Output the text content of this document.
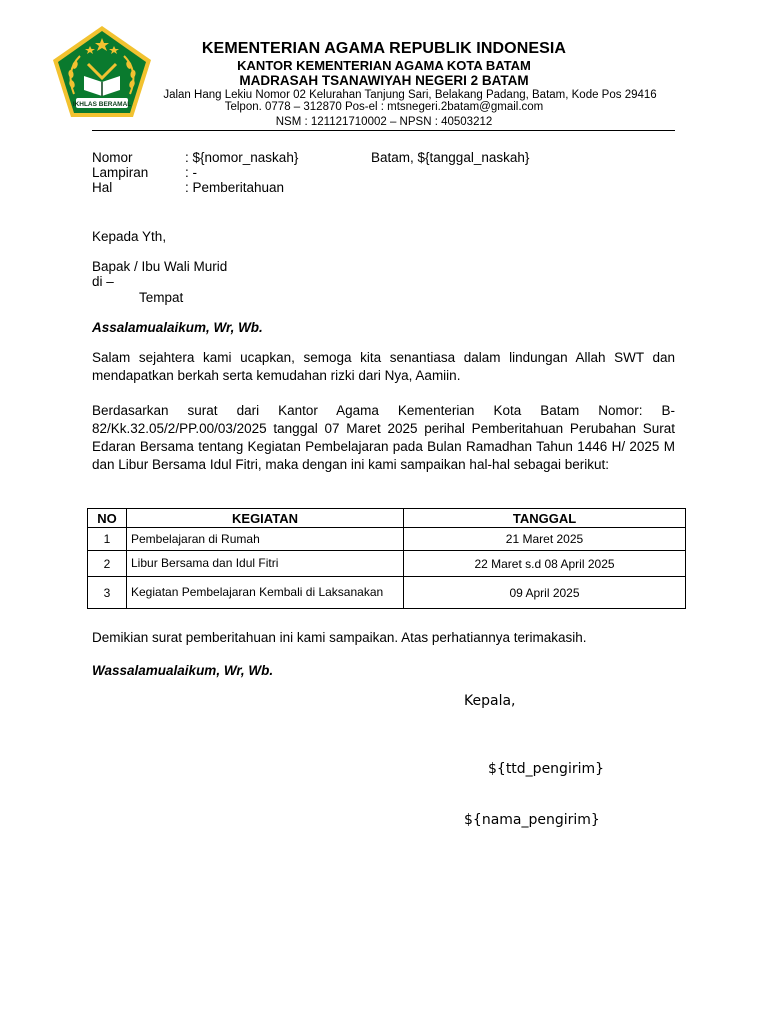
IKHLAS BERAMAL
KEMENTERIAN AGAMA REPUBLIK INDONESIA
KANTOR KEMENTERIAN AGAMA KOTA BATAM
MADRASAH TSANAWIYAH NEGERI 2 BATAM
Jalan Hang Lekiu Nomor 02 Kelurahan Tanjung Sari, Belakang Padang, Batam, Kode Pos 29416
Telpon. 0778 – 312870 Pos-el : mtsnegeri.2batam@gmail.com
NSM : 121121710002 – NPSN : 40503212
Nomor	: ${nomor_naskah}	Batam, ${tanggal_naskah}
Lampiran	: -
Hal	: Pemberitahuan
Kepada Yth,
Bapak / Ibu Wali Murid
di –
Tempat
Assalamualaikum, Wr, Wb.
Salam sejahtera kami ucapkan, semoga kita senantiasa dalam lindungan Allah SWT dan mendapatkan berkah serta kemudahan rizki dari Nya, Aamiin.
Berdasarkan surat dari Kantor Agama Kementerian Kota Batam Nomor: B-82/Kk.32.05/2/PP.00/03/2025 tanggal 07 Maret 2025 perihal Pemberitahuan Perubahan Surat Edaran Bersama tentang Kegiatan Pembelajaran pada Bulan Ramadhan Tahun 1446 H/ 2025 M dan Libur Bersama Idul Fitri, maka dengan ini kami sampaikan hal-hal sebagai berikut:
NO	KEGIATAN	TANGGAL
1	Pembelajaran di Rumah	21 Maret 2025
2	Libur Bersama dan Idul Fitri	22 Maret s.d 08 April 2025
3	Kegiatan Pembelajaran Kembali di Laksanakan	09 April 2025
Demikian surat pemberitahuan ini kami sampaikan. Atas perhatiannya terimakasih.
Wassalamualaikum, Wr, Wb.
Kepala,
${ttd_pengirim}
${nama_pengirim}
